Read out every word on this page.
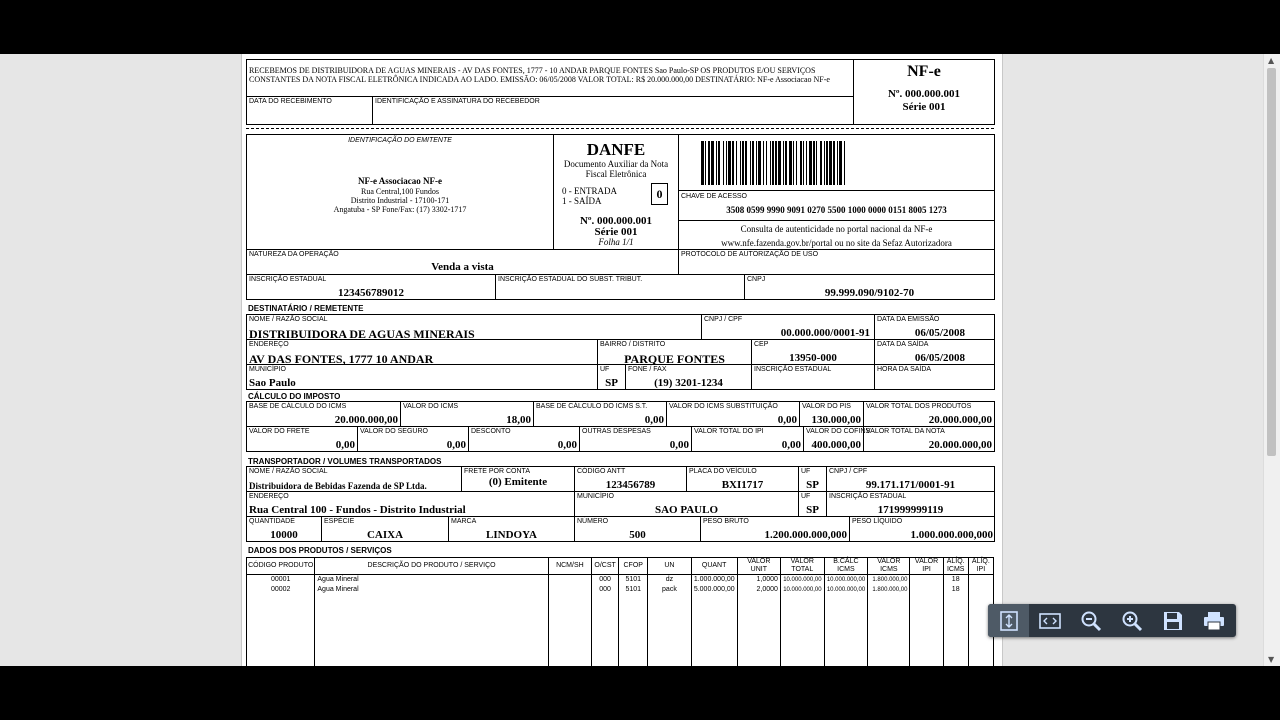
RECEBEMOS DE DISTRIBUIDORA DE AGUAS MINERAIS - AV DAS FONTES, 1777 - 10 ANDAR PARQUE FONTES Sao Paulo-SP OS PRODUTOS E/OU SERVIÇOS CONSTANTES DA NOTA FISCAL ELETRÔNICA INDICADA AO LADO. EMISSÃO: 06/05/2008 VALOR TOTAL: R$ 20.000.000,00 DESTINATÁRIO: NF-e Associacao NF-e
DATA DO RECEBIMENTO	IDENTIFICAÇÃO E ASSINATURA DO RECEBEDOR
NF-e
Nº. 000.000.001
Série 001
IDENTIFICAÇÃO DO EMITENTE
NF-e Associacao NF-e
Rua Central,100 Fundos
Distrito Industrial - 17100-171
Angatuba - SP Fone/Fax: (17) 3302-1717
DANFE
Documento Auxiliar da Nota
Fiscal Eletrônica
0 - ENTRADA
1 - SAÍDA	0
Nº. 000.000.001
Série 001
Folha 1/1
CHAVE DE ACESSO
3508 0599 9990 9091 0270 5500 1000 0000 0151 8005 1273
Consulta de autenticidade no portal nacional da NF-e
www.nfe.fazenda.gov.br/portal ou no site da Sefaz Autorizadora
NATUREZA DA OPERAÇÃO
Venda a vista
PROTOCOLO DE AUTORIZAÇÃO DE USO
INSCRIÇÃO ESTADUAL
123456789012
INSCRIÇÃO ESTADUAL DO SUBST. TRIBUT.	CNPJ
99.999.090/9102-70
DESTINATÁRIO / REMETENTE
NOME / RAZÃO SOCIAL
DISTRIBUIDORA DE AGUAS MINERAIS
CNPJ / CPF
00.000.000/0001-91
DATA DA EMISSÃO
06/05/2008
ENDEREÇO
AV DAS FONTES, 1777 10 ANDAR
BAIRRO / DISTRITO
PARQUE FONTES
CEP
13950-000
DATA DA SAÍDA
06/05/2008
MUNICÍPIO
Sao Paulo
UF
SP
FONE / FAX
(19) 3201-1234
INSCRIÇÃO ESTADUAL	HORA DA SAÍDA
CÁLCULO DO IMPOSTO
TRANSPORTADOR / VOLUMES TRANSPORTADOS
NOME / RAZÃO SOCIAL
Distribuidora de Bebidas Fazenda de SP Ltda.
FRETE POR CONTA
(0) Emitente
CÓDIGO ANTT
123456789
PLACA DO VEÍCULO
BXI1717
UF
SP
CNPJ / CPF
99.171.171/0001-91
ENDEREÇO
Rua Central 100 - Fundos - Distrito Industrial
MUNICÍPIO
SAO PAULO
UF
SP
INSCRIÇÃO ESTADUAL
171999999119
QUANTIDADE
10000
ESPÉCIE
CAIXA
MARCA
LINDOYA
NÚMERO
500
PESO BRUTO
1.200.000.000,000
PESO LÍQUIDO
1.000.000.000,000
DADOS DOS PRODUTOS / SERVIÇOS
CÓDIGO PRODUTO	DESCRIÇÃO DO PRODUTO / SERVIÇO	NCM/SH	O/CST	CFOP	UN	QUANT	VALOR UNIT	VALOR TOTAL	B.CÁLC ICMS	VALOR ICMS	VALOR IPI	ALÍQ. ICMS	ALÍQ. IPI
00001	Agua Mineral		000	5101	dz	1.000.000,00	1,0000	10.000.000,00	10.000.000,00	1.800.000,00		18	
00002	Agua Mineral		000	5101	pack	5.000.000,00	2,0000	10.000.000,00	10.000.000,00	1.800.000,00		18	

BASE DE CÁLCULO DO ICMS
20.000.000,00
VALOR DO ICMS
18,00
BASE DE CÁLCULO DO ICMS S.T.
0,00
VALOR DO ICMS SUBSTITUIÇÃO
0,00
VALOR DO PIS
130.000,00
VALOR TOTAL DOS PRODUTOS
20.000.000,00
VALOR DO FRETE
0,00
VALOR DO SEGURO
0,00
DESCONTO
0,00
OUTRAS DESPESAS
0,00
VALOR TOTAL DO IPI
0,00
VALOR DO COFINS
400.000,00
VALOR TOTAL DA NOTA
20.000.000,00
▲
▼
